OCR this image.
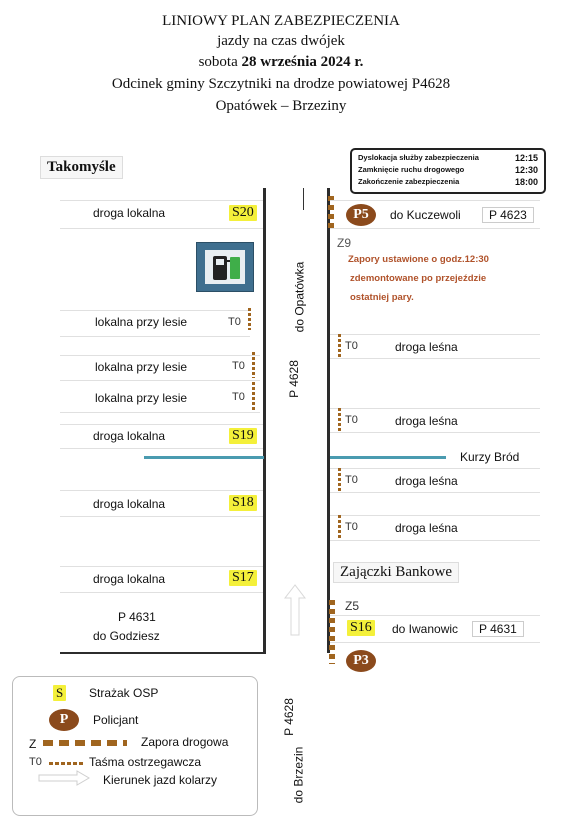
LINIOWY PLAN ZABEZPIECZENIA
jazdy na czas dwójek
sobota 28 września 2024 r.
Odcinek gminy Szczytniki na drodze powiatowej P4628
Opatówek – Brzeziny
Takomyśle
Dyslokacja służby zabezpieczenia	12:15
Zamknięcie ruchu drogowego	12:30
Zakończenie zabezpieczenia	18:00
do Opatówka
P 4628
droga lokalna	S20
lokalna przy lesie	T0
lokalna przy lesie	T0
lokalna przy lesie	T0
droga lokalna	S19
droga lokalna	S18
droga lokalna	S17
Kurzy Bród
P5	do Kuczewoli	P 4623
Z9
Zapory ustawione o godz.12:30
zdemontowane po przejeździe
ostatniej pary.
T0	droga leśna
T0	droga leśna
T0	droga leśna
T0	droga leśna
Zajączki Bankowe
Z5
S16 do Iwanowic	P 4631
P3
P 4631
do Godziesz
P 4628
do Brzezin
S Strażak OSP
P	Policjant
Z	Zapora drogowa
T0	Taśma ostrzegawcza
Kierunek jazd kolarzy
